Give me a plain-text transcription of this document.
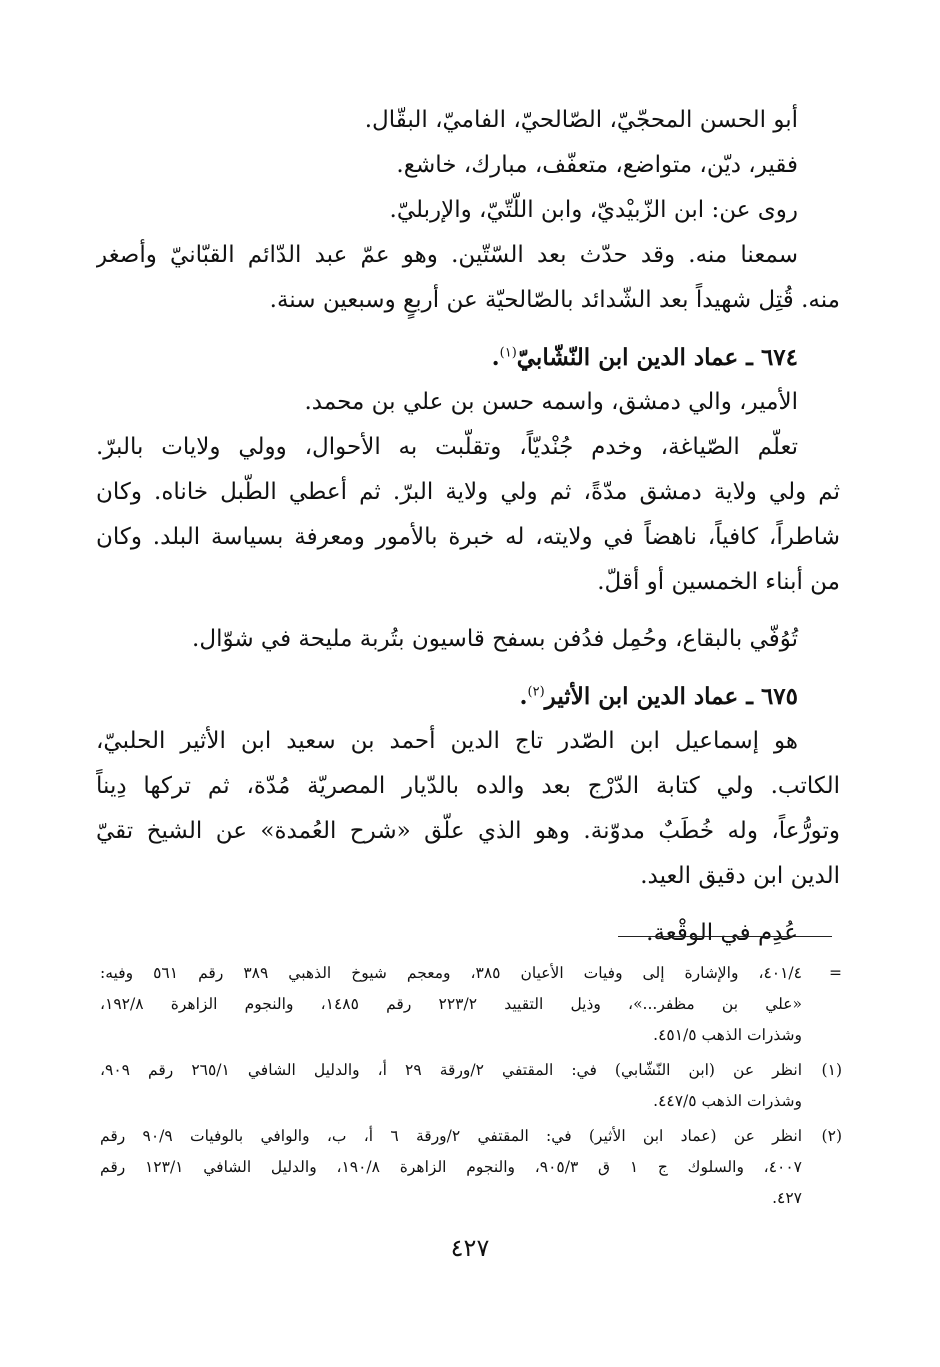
أبو الحسن المحجّيّ، الصّالحيّ، الفاميّ، البقّال.
فقير، ديّن، متواضع، متعفّف، مبارك، خاشع.
روى عن: ابن الزّبيْديّ، وابن اللّتّيّ، والإربليّ.
سمعنا منه. وقد حدّث بعد السّتّين. وهو عمّ عبد الدّائم القبّانيّ وأصغر
منه. قُتِل شهيداً بعد الشّدائد بالصّالحيّة عن أربعٍ وسبعين سنة.
٦٧٤ ـ عماد الدين ابن النّشّابيّ$^{(١)}$.
الأمير، والي دمشق، واسمه حسن بن علي بن محمد.
تعلّم الصّياغة، وخدم جُنْديّاً، وتقلّبت به الأحوال، وولي ولايات بالبرّ.
ثم ولي ولاية دمشق مدّةً، ثم ولي ولاية البرّ. ثم أعطي الطّبل خاناه. وكان
شاطراً، كافياً، ناهضاً في ولايته، له خبرة بالأمور ومعرفة بسياسة البلد. وكان
من أبناء الخمسين أو أقلّ.
تُوُفّي بالبقاع، وحُمِل فدُفن بسفح قاسيون بتُربة مليحة في شوّال.
٦٧٥ ـ عماد الدين ابن الأثير$^{(٢)}$.
هو إسماعيل ابن الصّدر تاج الدين أحمد بن سعيد ابن الأثير الحلبيّ،
الكاتب. ولي كتابة الدّرْج بعد والده بالدّيار المصريّة مُدّة، ثم تركها دِيناً
وتورُّعاً، وله خُطَبٌ مدوّنة. وهو الذي علّق «شرح العُمدة» عن الشيخ تقيّ
الدين ابن دقيق العيد.
عُدِم في الوقْعة.
=
٤٠١/٤، والإشارة إلى وفيات الأعيان ٣٨٥، ومعجم شيوخ الذهبي ٣٨٩ رقم ٥٦١ وفيه:
«علي بن مظفر...»، وذيل التقييد ٢٢٣/٢ رقم ١٤٨٥، والنجوم الزاهرة ١٩٢/٨،
وشذرات الذهب ٤٥١/٥.
(١)
انظر عن (ابن النّشّابي) في: المقتفي ٢/ورقة ٢٩ أ، والدليل الشافي ٢٦٥/١ رقم ٩٠٩،
وشذرات الذهب ٤٤٧/٥.
(٢)
انظر عن (عماد ابن الأثير) في: المقتفي ٢/ورقة ٦ أ، ب، والوافي بالوفيات ٩٠/٩ رقم
٤٠٠٧، والسلوك ج ١ ق ٩٠٥/٣، والنجوم الزاهرة ١٩٠/٨، والدليل الشافي ١٢٣/١ رقم
٤٢٧.
٤٢٧
